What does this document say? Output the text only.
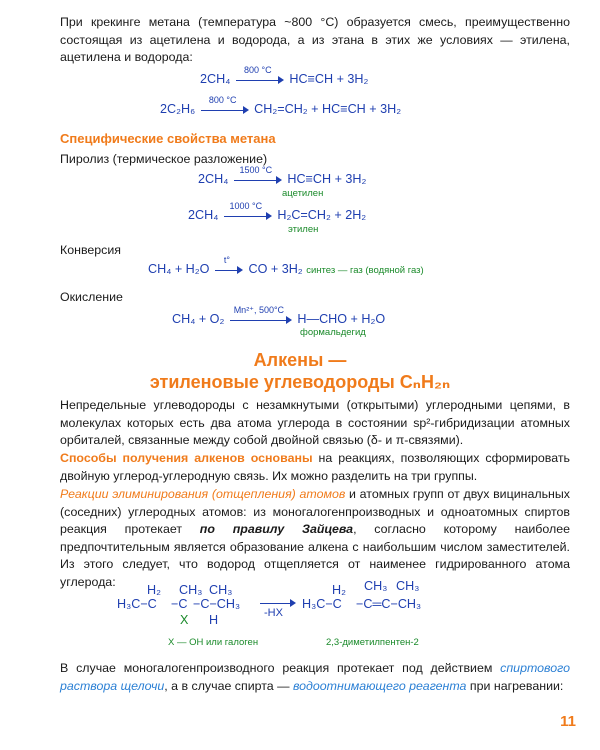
При крекинге метана (температура ~800 °С) образуется смесь, преимущественно состоящая из ацетилена и водорода, а из этана в этих же условиях — этилена, ацетилена и водорода:
2CH₄
800 °C
HC≡CH + 3H₂
2C₂H₆
800 °C
CH₂=CH₂ + HC≡CH + 3H₂
Специфические свойства метана
Пиролиз (термическое разложение)
2CH₄
1500 °C
HC≡CH + 3H₂
ацетилен
2CH₄
1000 °C
H₂C=CH₂ + 2H₂
этилен
Конверсия
CH₄ + H₂O
t°
CO + 3H₂ синтез — газ (водяной газ)
Окисление
CH₄ + O₂
Mn²⁺, 500°C
H—CHO + H₂O
формальдегид
Алкены —
этиленовые углеводороды CₙH₂ₙ
Непредельные углеводороды с незамкнутыми (открытыми) углеродными цепями, в молекулах которых есть два атома углерода в состоянии sp²-гибридизации атомных орбиталей, связанные между собой двойной связью (δ- и π-связями).
Способы получения алкенов основаны на реакциях, позволяющих сформировать двойную углерод-углеродную связь. Их можно разделить на три группы.
Реакции элиминирования (отщепления) атомов и атомных групп от двух вицинальных (соседних) углеродных атомов: из моногалогенпроизводных и одноатомных спиртов реакция протекает по правилу Зайцева, согласно которому наиболее предпочтительным является образование алкена с наибольшим числом заместителей. Из этого следует, что водород отщепляется от наименее гидрированного атома углерода:
H₃C−C
H₂
−C
CH₃
−C−CH₃
CH₃
X H	-HX
H₃C−C
H₂
−C═C−CH₃
CH₃ CH₃
X — OH или галоген	2,3-диметилпентен-2
В случае моногалогенпроизводного реакция протекает под действием спиртового раствора щелочи, а в случае спирта — водоотнимающего реагента при нагревании:
11
